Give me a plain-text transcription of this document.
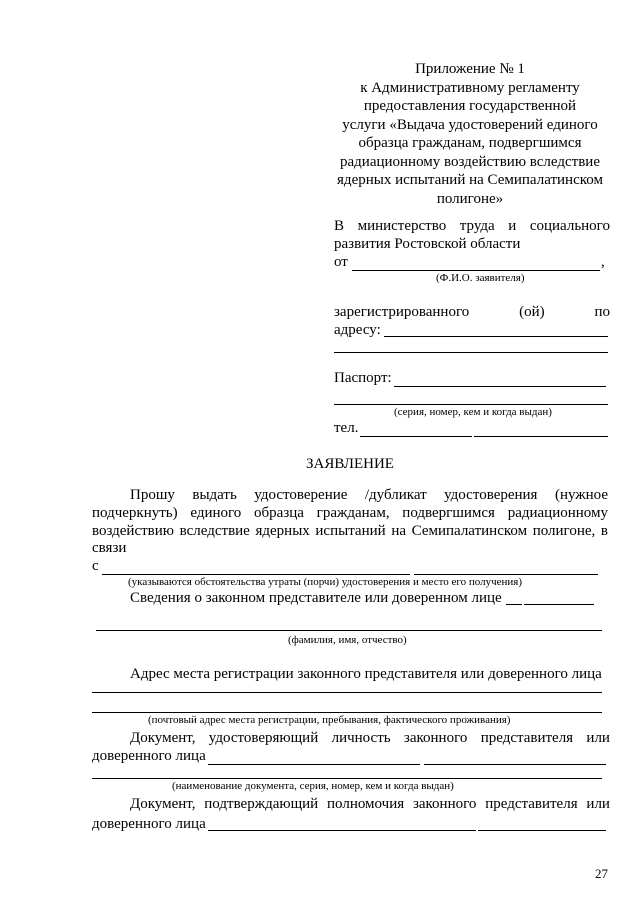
Приложение № 1
к Административному регламенту
предоставления государственной
услуги «Выдача удостоверений единого
образца гражданам, подвергшимся
радиационному воздействию вследствие
ядерных испытаний на Семипалатинском
полигоне»
В министерство труда и социального
развития Ростовской области
от	,
(Ф.И.О. заявителя)
зарегистрированного	(ой)	по
адресу:
Паспорт:
(серия, номер, кем и когда выдан)
тел.
ЗАЯВЛЕНИЕ
Прошу выдать удостоверение /дубликат удостоверения (нужное подчеркнуть) единого образца гражданам, подвергшимся радиационному воздействию вследствие ядерных испытаний на Семипалатинском полигоне, в
связи
с
(указываются обстоятельства утраты (порчи) удостоверения и место его получения)
Сведения о законном представителе или доверенном лице
(фамилия, имя, отчество)
Адрес места регистрации законного представителя или доверенного лица
(почтовый адрес места регистрации, пребывания, фактического проживания)
Документ, удостоверяющий личность законного представителя или
доверенного лица
(наименование документа, серия, номер, кем и когда выдан)
Документ, подтверждающий полномочия законного представителя или
доверенного лица
27
